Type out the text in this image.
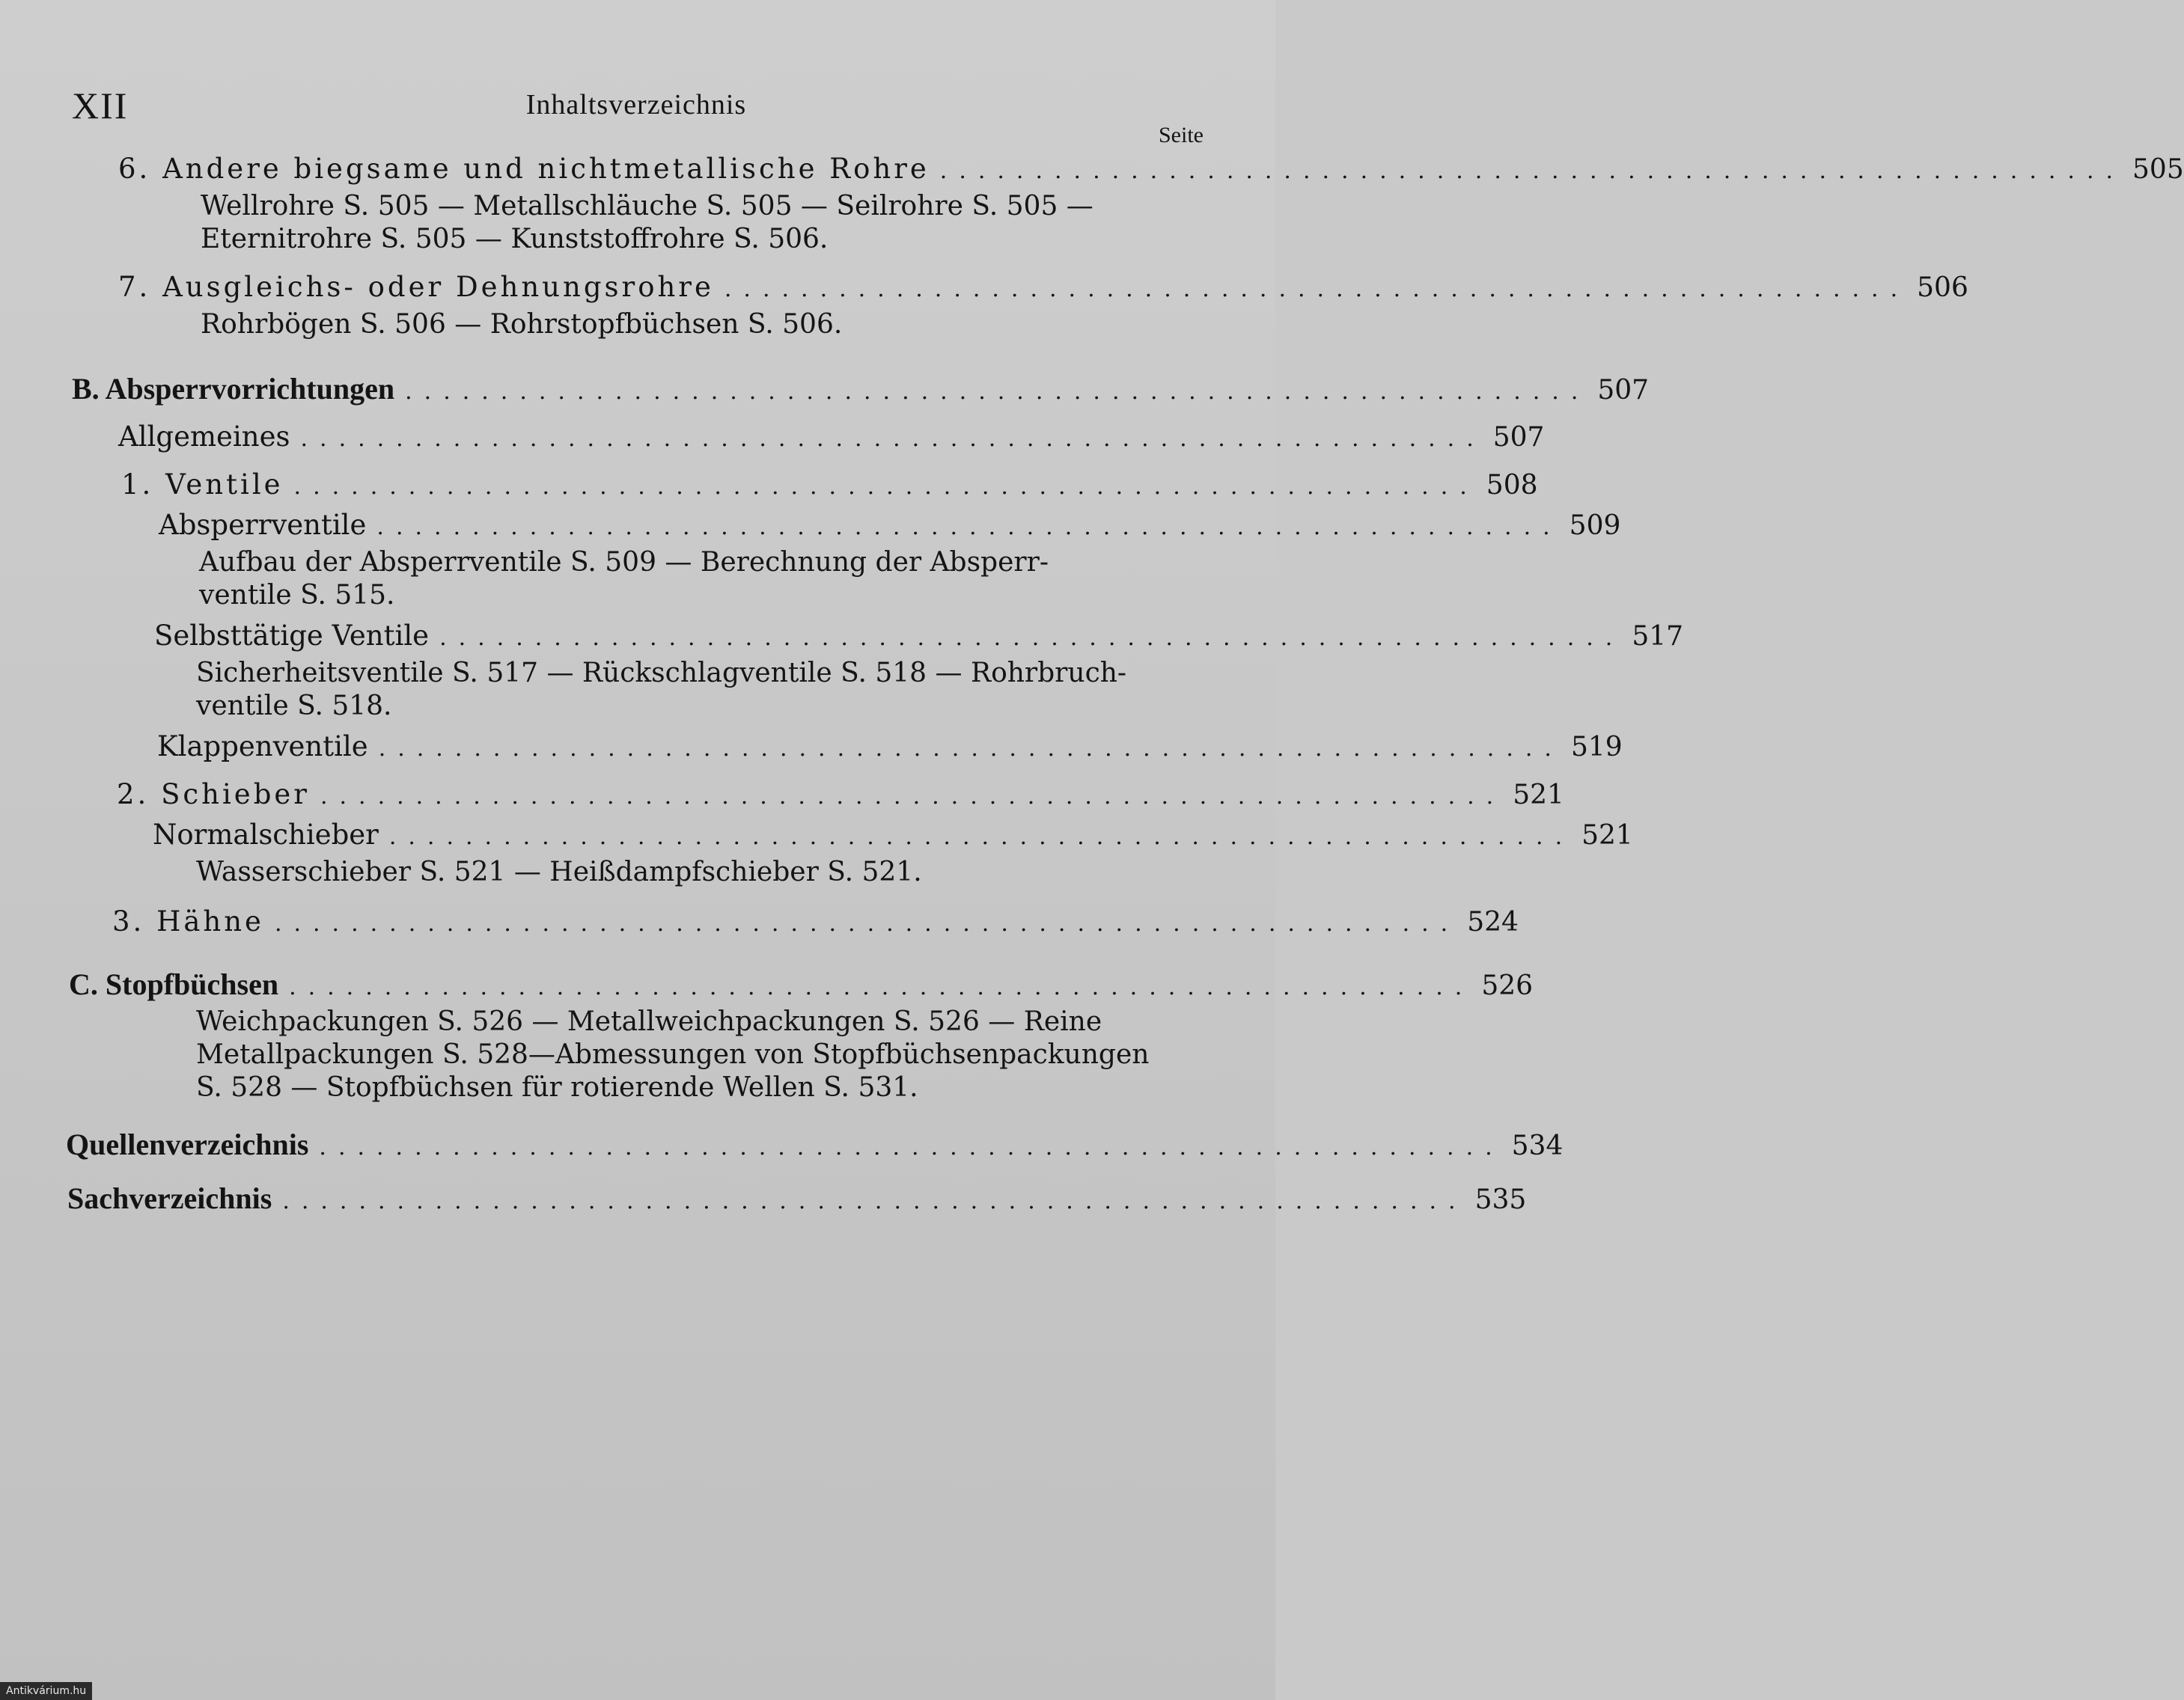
XII	Inhaltsverzeichnis
Seite
6. Andere biegsame und nichtmetallische Rohre .............................................................. 505
Wellrohre S. 505 — Metallschläuche S. 505 — Seilrohre S. 505 —
Eternitrohre S. 505 — Kunststoffrohre S. 506.
7. Ausgleichs- oder Dehnungsrohre .............................................................. 506
Rohrbögen S. 506 — Rohrstopfbüchsen S. 506.
B. Absperrvorrichtungen .............................................................. 507
Allgemeines .............................................................. 507
1. Ventile .............................................................. 508
Absperrventile .............................................................. 509
Aufbau der Absperrventile S. 509 — Berechnung der Absperr-
ventile S. 515.
Selbsttätige Ventile .............................................................. 517
Sicherheitsventile S. 517 — Rückschlagventile S. 518 — Rohrbruch-
ventile S. 518.
Klappenventile .............................................................. 519
2. Schieber .............................................................. 521
Normalschieber .............................................................. 521
Wasserschieber S. 521 — Heißdampfschieber S. 521.
3. Hähne .............................................................. 524
C. Stopfbüchsen .............................................................. 526
Weichpackungen S. 526 — Metallweichpackungen S. 526 — Reine
Metallpackungen S. 528—Abmessungen von Stopfbüchsenpackungen
S. 528 — Stopfbüchsen für rotierende Wellen S. 531.
Quellenverzeichnis .............................................................. 534
Sachverzeichnis .............................................................. 535
Antikvárium.hu
